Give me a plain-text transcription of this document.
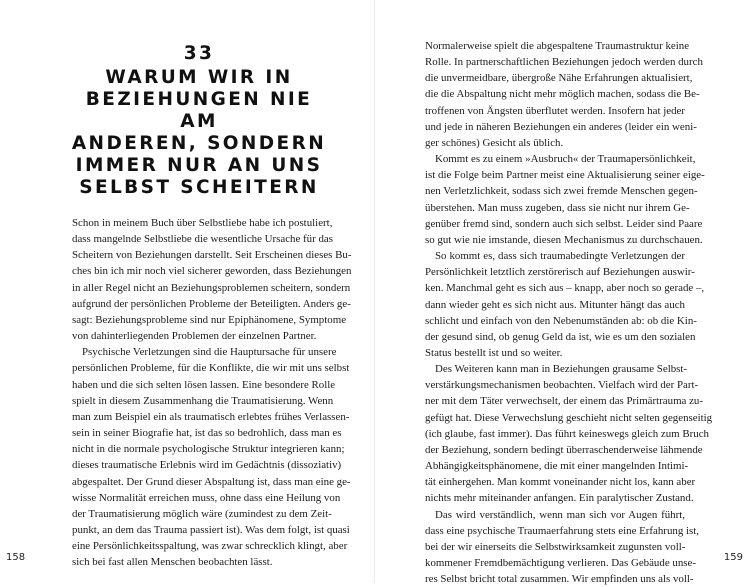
33
WARUM WIR IN
BEZIEHUNGEN NIE AM
ANDEREN, SONDERN
IMMER NUR AN UNS
SELBST SCHEITERN
Schon in meinem Buch über Selbstliebe habe ich postuliert,
dass mangelnde Selbstliebe die wesentliche Ursache für das
Scheitern von Beziehungen darstellt. Seit Erscheinen dieses Bu-
ches bin ich mir noch viel sicherer geworden, dass Beziehungen
in aller Regel nicht an Beziehungsproblemen scheitern, sondern
aufgrund der persönlichen Probleme der Beteiligten. Anders ge-
sagt: Beziehungsprobleme sind nur Epiphänomene, Symptome
von dahinterliegenden Problemen der einzelnen Partner.
Psychische Verletzungen sind die Hauptursache für unsere
persönlichen Probleme, für die Konflikte, die wir mit uns selbst
haben und die sich selten lösen lassen. Eine besondere Rolle
spielt in diesem Zusammenhang die Traumatisierung. Wenn
man zum Beispiel ein als traumatisch erlebtes frühes Verlassen-
sein in seiner Biografie hat, ist das so bedrohlich, dass man es
nicht in die normale psychologische Struktur integrieren kann;
dieses traumatische Erlebnis wird im Gedächtnis (dissoziativ)
abgespaltet. Der Grund dieser Abspaltung ist, dass man eine ge-
wisse Normalität erreichen muss, ohne dass eine Heilung von
der Traumatisierung möglich wäre (zumindest zu dem Zeit-
punkt, an dem das Trauma passiert ist). Was dem folgt, ist quasi
eine Persönlichkeitsspaltung, was zwar schrecklich klingt, aber
sich bei fast allen Menschen beobachten lässt.
158
Normalerweise spielt die abgespaltene Traumastruktur keine
Rolle. In partnerschaftlichen Beziehungen jedoch werden durch
die unvermeidbare, übergroße Nähe Erfahrungen aktualisiert,
die die Abspaltung nicht mehr möglich machen, sodass die Be-
troffenen von Ängsten überflutet werden. Insofern hat jeder
und jede in näheren Beziehungen ein anderes (leider ein weni-
ger schönes) Gesicht als üblich.
Kommt es zu einem »Ausbruch« der Traumapersönlichkeit,
ist die Folge beim Partner meist eine Aktualisierung seiner eige-
nen Verletzlichkeit, sodass sich zwei fremde Menschen gegen-
überstehen. Man muss zugeben, dass sie nicht nur ihrem Ge-
genüber fremd sind, sondern auch sich selbst. Leider sind Paare
so gut wie nie imstande, diesen Mechanismus zu durchschauen.
So kommt es, dass sich traumabedingte Verletzungen der
Persönlichkeit letztlich zerstörerisch auf Beziehungen auswir-
ken. Manchmal geht es sich aus – knapp, aber noch so gerade –,
dann wieder geht es sich nicht aus. Mitunter hängt das auch
schlicht und einfach von den Nebenumständen ab: ob die Kin-
der gesund sind, ob genug Geld da ist, wie es um den sozialen
Status bestellt ist und so weiter.
Des Weiteren kann man in Beziehungen grausame Selbst-
verstärkungsmechanismen beobachten. Vielfach wird der Part-
ner mit dem Täter verwechselt, der einem das Primärtrauma zu-
gefügt hat. Diese Verwechslung geschieht nicht selten gegenseitig
(ich glaube, fast immer). Das führt keineswegs gleich zum Bruch
der Beziehung, sondern bedingt überraschenderweise lähmende
Abhängigkeitsphänomene, die mit einer mangelnden Intimi-
tät einhergehen. Man kommt voneinander nicht los, kann aber
nichts mehr miteinander anfangen. Ein paralytischer Zustand.
Das wird verständlich, wenn man sich vor Augen führt,
dass eine psychische Traumaerfahrung stets eine Erfahrung ist,
bei der wir einerseits die Selbstwirksamkeit zugunsten voll-
kommener Fremdbemächtigung verlieren. Das Gebäude unse-
res Selbst bricht total zusammen. Wir empfinden uns als voll-
159
